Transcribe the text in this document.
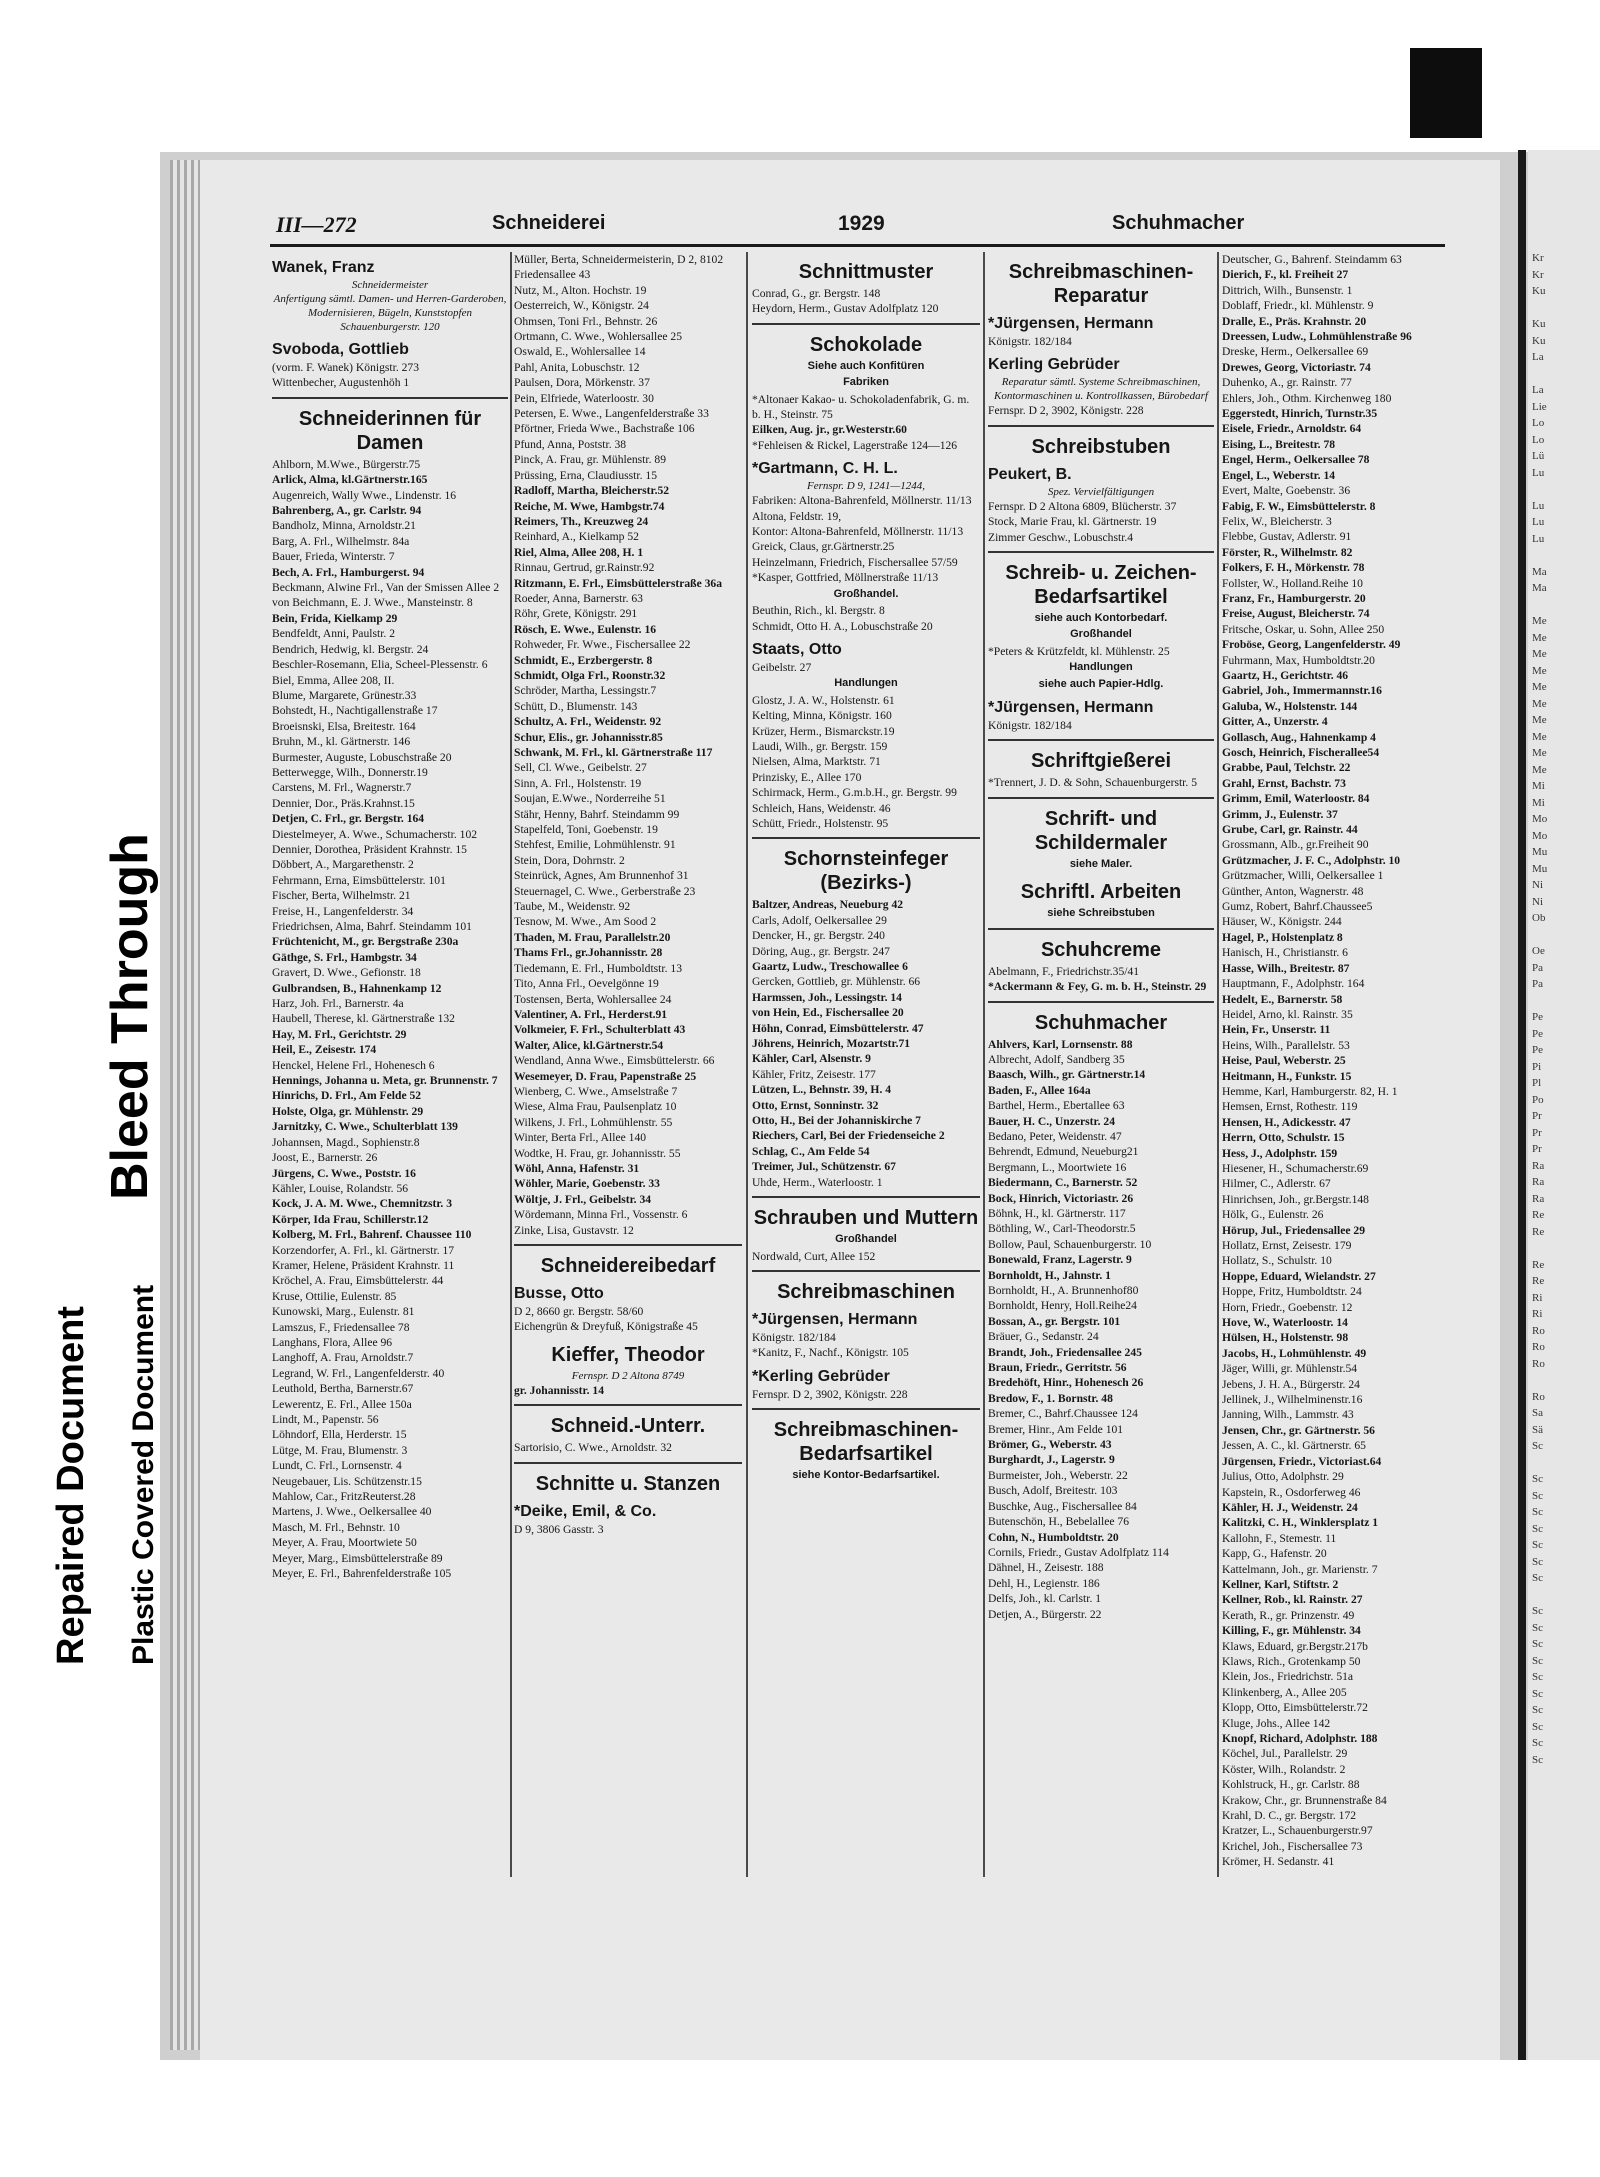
Repaired Document
Bleed Through
Plastic Covered Document
Kr
Kr
Ku

Ku
Ku
La

La
Lie
Lo
Lo
Lü
Lu

Lu
Lu
Lu

Ma
Ma

Me
Me
Me
Me
Me
Me
Me
Me
Me
Me
Mi
Mi
Mo
Mo
Mu
Mu
Ni
Ni
Ob

Oe
Pa
Pa

Pe
Pe
Pe
Pi
Pl
Po
Pr
Pr
Pr
Ra
Ra
Ra
Re
Re

Re
Re
Ri
Ri
Ro
Ro
Ro

Ro
Sa
Sä
Sc

Sc
Sc
Sc
Sc
Sc
Sc
Sc

Sc
Sc
Sc
Sc
Sc
Sc
Sc
Sc
Sc
Sc
III—272	Schneiderei	1929	Schuhmacher
Wanek, Franz
Schneidermeister
Anfertigung sämtl. Damen- und Herren-Garderoben, Modernisieren, Bügeln, Kunststopfen
Schauenburgerstr. 120
Svoboda, Gottlieb
(vorm. F. Wanek) Königstr. 273
Wittenbecher, Augustenhöh 1
Schneiderinnen für Damen
Ahlborn, M.Wwe., Bürgerstr.75
Arlick, Alma, kl.Gärtnerstr.165
Augenreich, Wally Wwe., Lindenstr. 16
Bahrenberg, A., gr. Carlstr. 94
Bandholz, Minna, Arnoldstr.21
Barg, A. Frl., Wilhelmstr. 84a
Bauer, Frieda, Winterstr. 7
Bech, A. Frl., Hamburgerst. 94
Beckmann, Alwine Frl., Van der Smissen Allee 2
von Beichmann, E. J. Wwe., Mansteinstr. 8
Bein, Frida, Kielkamp 29
Bendfeldt, Anni, Paulstr. 2
Bendrich, Hedwig, kl. Bergstr. 24
Beschler-Rosemann, Elia, Scheel-Plessenstr. 6
Biel, Emma, Allee 208, II.
Blume, Margarete, Grünestr.33
Bohstedt, H., Nachtigallenstraße 17
Broeisnski, Elsa, Breitestr. 164
Bruhn, M., kl. Gärtnerstr. 146
Burmester, Auguste, Lobuschstraße 20
Betterwegge, Wilh., Donnerstr.19
Carstens, M. Frl., Wagnerstr.7
Dennier, Dor., Präs.Krahnst.15
Detjen, C. Frl., gr. Bergstr. 164
Diestelmeyer, A. Wwe., Schumacherstr. 102
Dennier, Dorothea, Präsident Krahnstr. 15
Döbbert, A., Margarethenstr. 2
Fehrmann, Erna, Eimsbüttelerstr. 101
Fischer, Berta, Wilhelmstr. 21
Freise, H., Langenfelderstr. 34
Friedrichsen, Alma, Bahrf. Steindamm 101
Früchtenicht, M., gr. Bergstraße 230a
Gäthge, S. Frl., Hambgstr. 34
Gravert, D. Wwe., Gefionstr. 18
Gulbrandsen, B., Hahnenkamp 12
Harz, Joh. Frl., Barnerstr. 4a
Haubell, Therese, kl. Gärtnerstraße 132
Hay, M. Frl., Gerichtstr. 29
Heil, E., Zeisestr. 174
Henckel, Helene Frl., Hohenesch 6
Hennings, Johanna u. Meta, gr. Brunnenstr. 7
Hinrichs, D. Frl., Am Felde 52
Holste, Olga, gr. Mühlenstr. 29
Jarnitzky, C. Wwe., Schulterblatt 139
Johannsen, Magd., Sophienstr.8
Joost, E., Barnerstr. 26
Jürgens, C. Wwe., Poststr. 16
Kähler, Louise, Rolandstr. 56
Kock, J. A. M. Wwe., Chemnitzstr. 3
Körper, Ida Frau, Schillerstr.12
Kolberg, M. Frl., Bahrenf. Chaussee 110
Korzendorfer, A. Frl., kl. Gärtnerstr. 17
Kramer, Helene, Präsident Krahnstr. 11
Kröchel, A. Frau, Eimsbüttelerstr. 44
Kruse, Ottilie, Eulenstr. 85
Kunowski, Marg., Eulenstr. 81
Lamszus, F., Friedensallee 78
Langhans, Flora, Allee 96
Langhoff, A. Frau, Arnoldstr.7
Legrand, W. Frl., Langenfelderstr. 40
Leuthold, Bertha, Barnerstr.67
Lewerentz, E. Frl., Allee 150a
Lindt, M., Papenstr. 56
Löhndorf, Ella, Herderstr. 15
Lütge, M. Frau, Blumenstr. 3
Lundt, C. Frl., Lornsenstr. 4
Neugebauer, Lis. Schützenstr.15
Mahlow, Car., FritzReuterst.28
Martens, J. Wwe., Oelkersallee 40
Masch, M. Frl., Behnstr. 10
Meyer, A. Frau, Moortwiete 50
Meyer, Marg., Eimsbüttelerstraße 89
Meyer, E. Frl., Bahrenfelderstraße 105
Müller, Berta, Schneidermeisterin, D 2, 8102 Friedensallee 43
Nutz, M., Alton. Hochstr. 19
Oesterreich, W., Königstr. 24
Ohmsen, Toni Frl., Behnstr. 26
Ortmann, C. Wwe., Wohlersallee 25
Oswald, E., Wohlersallee 14
Pahl, Anita, Lobuschstr. 12
Paulsen, Dora, Mörkenstr. 37
Pein, Elfriede, Waterloostr. 30
Petersen, E. Wwe., Langenfelderstraße 33
Pförtner, Frieda Wwe., Bachstraße 106
Pfund, Anna, Poststr. 38
Pinck, A. Frau, gr. Mühlenstr. 89
Prüssing, Erna, Claudiusstr. 15
Radloff, Martha, Bleicherstr.52
Reiche, M. Wwe, Hambgstr.74
Reimers, Th., Kreuzweg 24
Reinhard, A., Kielkamp 52
Riel, Alma, Allee 208, H. 1
Rinnau, Gertrud, gr.Rainstr.92
Ritzmann, E. Frl., Eimsbüttelerstraße 36a
Roeder, Anna, Barnerstr. 63
Röhr, Grete, Königstr. 291
Rösch, E. Wwe., Eulenstr. 16
Rohweder, Fr. Wwe., Fischersallee 22
Schmidt, E., Erzbergerstr. 8
Schmidt, Olga Frl., Roonstr.32
Schröder, Martha, Lessingstr.7
Schütt, D., Blumenstr. 143
Schultz, A. Frl., Weidenstr. 92
Schur, Elis., gr. Johannisstr.85
Schwank, M. Frl., kl. Gärtnerstraße 117
Sell, Cl. Wwe., Geibelstr. 27
Sinn, A. Frl., Holstenstr. 19
Soujan, E.Wwe., Norderreihe 51
Stähr, Henny, Bahrf. Steindamm 99
Stapelfeld, Toni, Goebenstr. 19
Stehfest, Emilie, Lohmühlenstr. 91
Stein, Dora, Dohrnstr. 2
Steinrück, Agnes, Am Brunnenhof 31
Steuernagel, C. Wwe., Gerberstraße 23
Taube, M., Weidenstr. 92
Tesnow, M. Wwe., Am Sood 2
Thaden, M. Frau, Parallelstr.20
Thams Frl., gr.Johannisstr. 28
Tiedemann, E. Frl., Humboldtstr. 13
Tito, Anna Frl., Oevelgönne 19
Tostensen, Berta, Wohlersallee 24
Valentiner, A. Frl., Herderst.91
Volkmeier, F. Frl., Schulterblatt 43
Walter, Alice, kl.Gärtnerstr.54
Wendland, Anna Wwe., Eimsbüttelerstr. 66
Wesemeyer, D. Frau, Papenstraße 25
Wienberg, C. Wwe., Amselstraße 7
Wiese, Alma Frau, Paulsenplatz 10
Wilkens, J. Frl., Lohmühlenstr. 55
Winter, Berta Frl., Allee 140
Wodtke, H. Frau, gr. Johannisstr. 55
Wöhl, Anna, Hafenstr. 31
Wöhler, Marie, Goebenstr. 33
Wöltje, J. Frl., Geibelstr. 34
Wördemann, Minna Frl., Vossenstr. 6
Zinke, Lisa, Gustavstr. 12
Schneidereibedarf
Busse, Otto
D 2, 8660 gr. Bergstr. 58/60
Eichengrün & Dreyfuß, Königstraße 45
Kieffer, Theodor
Fernspr. D 2 Altona 8749
gr. Johannisstr. 14
Schneid.-Unterr.
Sartorisio, C. Wwe., Arnoldstr. 32
Schnitte u. Stanzen
*Deike, Emil, & Co.
D 9, 3806 Gasstr. 3
Schnittmuster
Conrad, G., gr. Bergstr. 148
Heydorn, Herm., Gustav Adolfplatz 120
Schokolade
Siehe auch Konfitüren
Fabriken
*Altonaer Kakao- u. Schokoladenfabrik, G. m. b. H., Steinstr. 75
Eilken, Aug. jr., gr.Westerstr.60
*Fehleisen & Rickel, Lagerstraße 124—126
*Gartmann, C. H. L.
Fernspr. D 9, 1241—1244,
Fabriken: Altona-Bahrenfeld, Möllnerstr. 11/13
Altona, Feldstr. 19,
Kontor: Altona-Bahrenfeld, Möllnerstr. 11/13
Greick, Claus, gr.Gärtnerstr.25
Heinzelmann, Friedrich, Fischersallee 57/59
*Kasper, Gottfried, Möllnerstraße 11/13
Großhandel.
Beuthin, Rich., kl. Bergstr. 8
Schmidt, Otto H. A., Lobuschstraße 20
Staats, Otto
Geibelstr. 27
Handlungen
Glostz, J. A. W., Holstenstr. 61
Kelting, Minna, Königstr. 160
Krüzer, Herm., Bismarckstr.19
Laudi, Wilh., gr. Bergstr. 159
Nielsen, Alma, Marktstr. 71
Prinzisky, E., Allee 170
Schirmack, Herm., G.m.b.H., gr. Bergstr. 99
Schleich, Hans, Weidenstr. 46
Schütt, Friedr., Holstenstr. 95
Schornsteinfeger (Bezirks-)
Baltzer, Andreas, Neueburg 42
Carls, Adolf, Oelkersallee 29
Dencker, H., gr. Bergstr. 240
Döring, Aug., gr. Bergstr. 247
Gaartz, Ludw., Treschowallee 6
Gercken, Gottlieb, gr. Mühlenstr. 66
Harmssen, Joh., Lessingstr. 14
von Hein, Ed., Fischersallee 20
Höhn, Conrad, Eimsbüttelerstr. 47
Jöhrens, Heinrich, Mozartstr.71
Kähler, Carl, Alsenstr. 9
Kähler, Fritz, Zeisestr. 177
Lützen, L., Behnstr. 39, H. 4
Otto, Ernst, Sonninstr. 32
Otto, H., Bei der Johanniskirche 7
Riechers, Carl, Bei der Friedenseiche 2
Schlag, C., Am Felde 54
Treimer, Jul., Schützenstr. 67
Uhde, Herm., Waterloostr. 1
Schrauben und Muttern
Großhandel
Nordwald, Curt, Allee 152
Schreibmaschinen
*Jürgensen, Hermann
Königstr. 182/184
*Kanitz, F., Nachf., Königstr. 105
*Kerling Gebrüder
Fernspr. D 2, 3902, Königstr. 228
Schreibmaschinen-Bedarfsartikel
siehe Kontor-Bedarfsartikel.
Schreibmaschinen-Reparatur
*Jürgensen, Hermann
Königstr. 182/184
Kerling Gebrüder
Reparatur sämtl. Systeme Schreibmaschinen, Kontormaschinen u. Kontrollkassen, Bürobedarf
Fernspr. D 2, 3902, Königstr. 228
Schreibstuben
Peukert, B.
Spez. Vervielfältigungen
Fernspr. D 2 Altona 6809, Blücherstr. 37
Stock, Marie Frau, kl. Gärtnerstr. 19
Zimmer Geschw., Lobuschstr.4
Schreib- u. Zeichen-Bedarfsartikel
siehe auch Kontorbedarf.
Großhandel
*Peters & Krützfeldt, kl. Mühlenstr. 25
Handlungen
siehe auch Papier-Hdlg.
*Jürgensen, Hermann
Königstr. 182/184
Schriftgießerei
*Trennert, J. D. & Sohn, Schauenburgerstr. 5
Schrift- und Schildermaler
siehe Maler.
Schriftl. Arbeiten
siehe Schreibstuben
Schuhcreme
Abelmann, F., Friedrichstr.35/41
*Ackermann & Fey, G. m. b. H., Steinstr. 29
Schuhmacher
Ahlvers, Karl, Lornsenstr. 88
Albrecht, Adolf, Sandberg 35
Baasch, Wilh., gr. Gärtnerstr.14
Baden, F., Allee 164a
Barthel, Herm., Ebertallee 63
Bauer, H. C., Unzerstr. 24
Bedano, Peter, Weidenstr. 47
Behrendt, Edmund, Neueburg21
Bergmann, L., Moortwiete 16
Biedermann, C., Barnerstr. 52
Bock, Hinrich, Victoriastr. 26
Böhnk, H., kl. Gärtnerstr. 117
Böthling, W., Carl-Theodorstr.5
Bollow, Paul, Schauenburgerstr. 10
Bonewald, Franz, Lagerstr. 9
Bornholdt, H., Jahnstr. 1
Bornholdt, H., A. Brunnenhof80
Bornholdt, Henry, Holl.Reihe24
Bossan, A., gr. Bergstr. 101
Bräuer, G., Sedanstr. 24
Brandt, Joh., Friedensallee 245
Braun, Friedr., Gerritstr. 56
Bredehöft, Hinr., Hohenesch 26
Bredow, F., 1. Bornstr. 48
Bremer, C., Bahrf.Chaussee 124
Bremer, Hinr., Am Felde 101
Brömer, G., Weberstr. 43
Burghardt, J., Lagerstr. 9
Burmeister, Joh., Weberstr. 22
Busch, Adolf, Breitestr. 103
Buschke, Aug., Fischersallee 84
Butenschön, H., Bebelallee 76
Cohn, N., Humboldtstr. 20
Cornils, Friedr., Gustav Adolfplatz 114
Dähnel, H., Zeisestr. 188
Dehl, H., Legienstr. 186
Delfs, Joh., kl. Carlstr. 1
Detjen, A., Bürgerstr. 22
Deutscher, G., Bahrenf. Steindamm 63
Dierich, F., kl. Freiheit 27
Dittrich, Wilh., Bunsenstr. 1
Doblaff, Friedr., kl. Mühlenstr. 9
Dralle, E., Präs. Krahnstr. 20
Dreessen, Ludw., Lohmühlenstraße 96
Dreske, Herm., Oelkersallee 69
Drewes, Georg, Victoriastr. 74
Duhenko, A., gr. Rainstr. 77
Ehlers, Joh., Othm. Kirchenweg 180
Eggerstedt, Hinrich, Turnstr.35
Eisele, Friedr., Arnoldstr. 64
Eising, L., Breitestr. 78
Engel, Herm., Oelkersallee 78
Engel, L., Weberstr. 14
Evert, Malte, Goebenstr. 36
Fabig, F. W., Eimsbüttelerstr. 8
Felix, W., Bleicherstr. 3
Flebbe, Gustav, Adlerstr. 91
Förster, R., Wilhelmstr. 82
Folkers, F. H., Mörkenstr. 78
Follster, W., Holland.Reihe 10
Franz, Fr., Hamburgerstr. 20
Freise, August, Bleicherstr. 74
Fritsche, Oskar, u. Sohn, Allee 250
Froböse, Georg, Langenfelderstr. 49
Fuhrmann, Max, Humboldtstr.20
Gaartz, H., Gerichtstr. 46
Gabriel, Joh., Immermannstr.16
Galuba, W., Holstenstr. 144
Gitter, A., Unzerstr. 4
Gollasch, Aug., Hahnenkamp 4
Gosch, Heinrich, Fischerallee54
Grabbe, Paul, Telchstr. 22
Grahl, Ernst, Bachstr. 73
Grimm, Emil, Waterloostr. 84
Grimm, J., Eulenstr. 37
Grube, Carl, gr. Rainstr. 44
Grossmann, Alb., gr.Freiheit 90
Grützmacher, J. F. C., Adolphstr. 10
Grützmacher, Willi, Oelkersallee 1
Günther, Anton, Wagnerstr. 48
Gumz, Robert, Bahrf.Chaussee5
Häuser, W., Königstr. 244
Hagel, P., Holstenplatz 8
Hanisch, H., Christianstr. 6
Hasse, Wilh., Breitestr. 87
Hauptmann, F., Adolphstr. 164
Hedelt, E., Barnerstr. 58
Heidel, Arno, kl. Rainstr. 35
Hein, Fr., Unserstr. 11
Heins, Wilh., Parallelstr. 53
Heise, Paul, Weberstr. 25
Heitmann, H., Funkstr. 15
Hemme, Karl, Hamburgerstr. 82, H. 1
Hemsen, Ernst, Rothestr. 119
Hensen, H., Adickesstr. 47
Herrn, Otto, Schulstr. 15
Hess, J., Adolphstr. 159
Hiesener, H., Schumacherstr.69
Hilmer, C., Adlerstr. 67
Hinrichsen, Joh., gr.Bergstr.148
Hölk, G., Eulenstr. 26
Hörup, Jul., Friedensallee 29
Hollatz, Ernst, Zeisestr. 179
Hollatz, S., Schulstr. 10
Hoppe, Eduard, Wielandstr. 27
Hoppe, Fritz, Humboldtstr. 24
Horn, Friedr., Goebenstr. 12
Hove, W., Waterloostr. 14
Hülsen, H., Holstenstr. 98
Jacobs, H., Lohmühlenstr. 49
Jäger, Willi, gr. Mühlenstr.54
Jebens, J. H. A., Bürgerstr. 24
Jellinek, J., Wilhelminenstr.16
Janning, Wilh., Lammstr. 43
Jensen, Chr., gr. Gärtnerstr. 56
Jessen, A. C., kl. Gärtnerstr. 65
Jürgensen, Friedr., Victoriast.64
Julius, Otto, Adolphstr. 29
Kapstein, R., Osdorferweg 46
Kähler, H. J., Weidenstr. 24
Kalitzki, C. H., Winklersplatz 1
Kallohn, F., Stemestr. 11
Kapp, G., Hafenstr. 20
Kattelmann, Joh., gr. Marienstr. 7
Kellner, Karl, Stiftstr. 2
Kellner, Rob., kl. Rainstr. 27
Kerath, R., gr. Prinzenstr. 49
Killing, F., gr. Mühlenstr. 34
Klaws, Eduard, gr.Bergstr.217b
Klaws, Rich., Grotenkamp 50
Klein, Jos., Friedrichstr. 51a
Klinkenberg, A., Allee 205
Klopp, Otto, Eimsbüttelerstr.72
Kluge, Johs., Allee 142
Knopf, Richard, Adolphstr. 188
Köchel, Jul., Parallelstr. 29
Köster, Wilh., Rolandstr. 2
Kohlstruck, H., gr. Carlstr. 88
Krakow, Chr., gr. Brunnenstraße 84
Krahl, D. C., gr. Bergstr. 172
Kratzer, L., Schauenburgerstr.97
Krichel, Joh., Fischersallee 73
Krömer, H. Sedanstr. 41
